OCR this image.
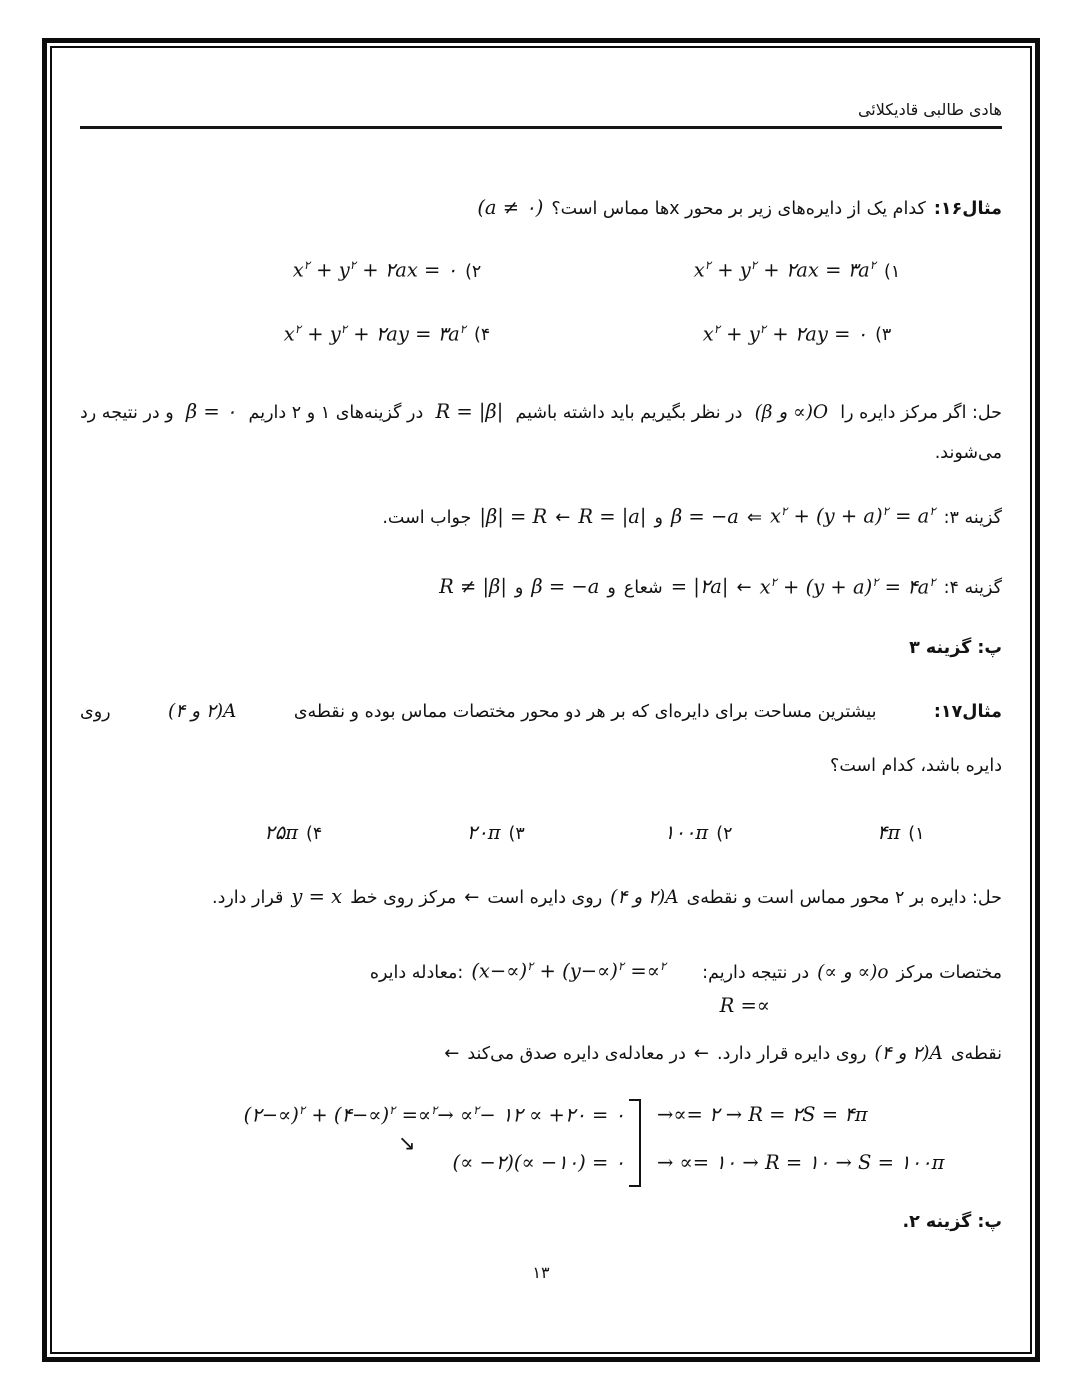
هادی طالبی قادیکلائی
مثال۱۶:
کدام یک از دایره‌های زیر بر محور xها مماس است؟
(a ≠ ۰)
۱)
$x^۲ + y^۲$ + ۲ax = $۳a^۲$
۲)
$x^۲ + y^۲$ + ۲ax = ۰
۳)
$x^۲ + y^۲$ + ۲ay = ۰
۴)
$x^۲ + y^۲$ + ۲ay = $۳a^۲$
حل: اگر مرکز دایره را
O(∝ و β)
در نظر بگیریم باید داشته باشیم
R = |β|
در گزینه‌های ۱ و ۲ داریم
β = ۰
و در نتیجه رد
می‌شوند.
گزینه ۳:
$x^۲ + (y + a)^۲ = a^۲$
⇐
β = −a
و
R = |a|
←
|β| = R
جواب است.
گزینه ۴:
$x^۲ + (y + a)^۲$ = $۴a^۲$
←
= |۲a|
شعاع
و
β = −a
و
R ≠ |β|
پ: گزینه ۳
مثال۱۷:
بیشترین مساحت برای دایره‌ای که بر هر دو محور مختصات مماس بوده و نقطه‌ی
A(۲ و ۴)
روی
دایره باشد، کدام است؟
۱)
۴π
۲)
۱۰۰π
۳)
۲۰π
۴)
۲۵π
حل: دایره بر ۲ محور مماس است و نقطه‌ی
A(۲ و ۴)
روی دایره است
←
مرکز روی خط
y = x
قرار دارد.
مختصات مرکز
o(∝ و ∝)
در نتیجه داریم:
$(x-\propto)^۲ + (y-\propto)^۲ =\propto^۲$
:معادله دایره
R =∝
نقطه‌ی
A(۲ و ۴)
روی دایره قرار دارد.
←
در معادله‌ی دایره صدق می‌کند
←
(۲−∝)$^۲$ + (۴−∝)$^۲$ =∝$^۲$→ ∝$^۲$− ۱۲ ∝ +۲۰ = ۰ →∝= ۲ → R = ۲S = ۴π
(∝ −۲)(∝ −۱۰) = ۰ → ∝= ۱۰ → R = ۱۰ → S = ۱۰۰π
↘
پ: گزینه ۲.
۱۳
